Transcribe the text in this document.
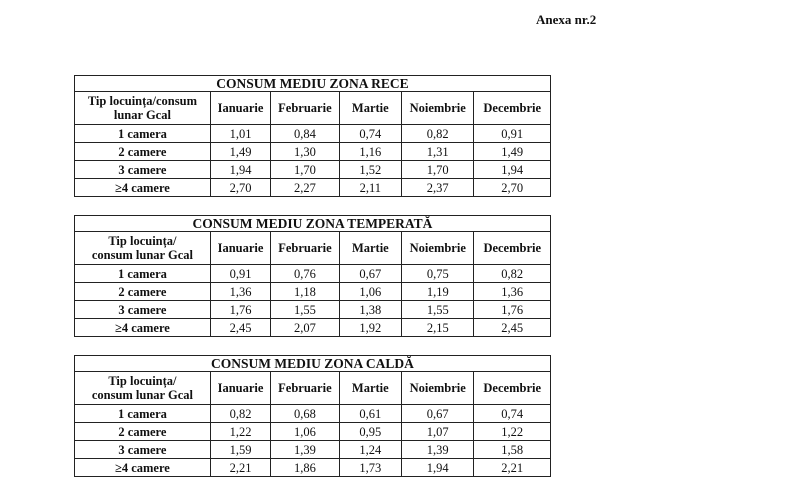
Anexa nr.2
CONSUM MEDIU ZONA RECE					
Tip locuința/consum
lunar Gcal	Ianuarie	Februarie	Martie	Noiembrie	Decembrie
1 camera	1,01	0,84	0,74	0,82	0,91
2 camere	1,49	1,30	1,16	1,31	1,49
3 camere	1,94	1,70	1,52	1,70	1,94
≥4 camere	2,70	2,27	2,11	2,37	2,70
CONSUM MEDIU ZONA TEMPERATĂ					
Tip locuința/
consum lunar Gcal	Ianuarie	Februarie	Martie	Noiembrie	Decembrie
1 camera	0,91	0,76	0,67	0,75	0,82
2 camere	1,36	1,18	1,06	1,19	1,36
3 camere	1,76	1,55	1,38	1,55	1,76
≥4 camere	2,45	2,07	1,92	2,15	2,45
CONSUM MEDIU ZONA CALDĂ					
Tip locuința/
consum lunar Gcal	Ianuarie	Februarie	Martie	Noiembrie	Decembrie
1 camera	0,82	0,68	0,61	0,67	0,74
2 camere	1,22	1,06	0,95	1,07	1,22
3 camere	1,59	1,39	1,24	1,39	1,58
≥4 camere	2,21	1,86	1,73	1,94	2,21
